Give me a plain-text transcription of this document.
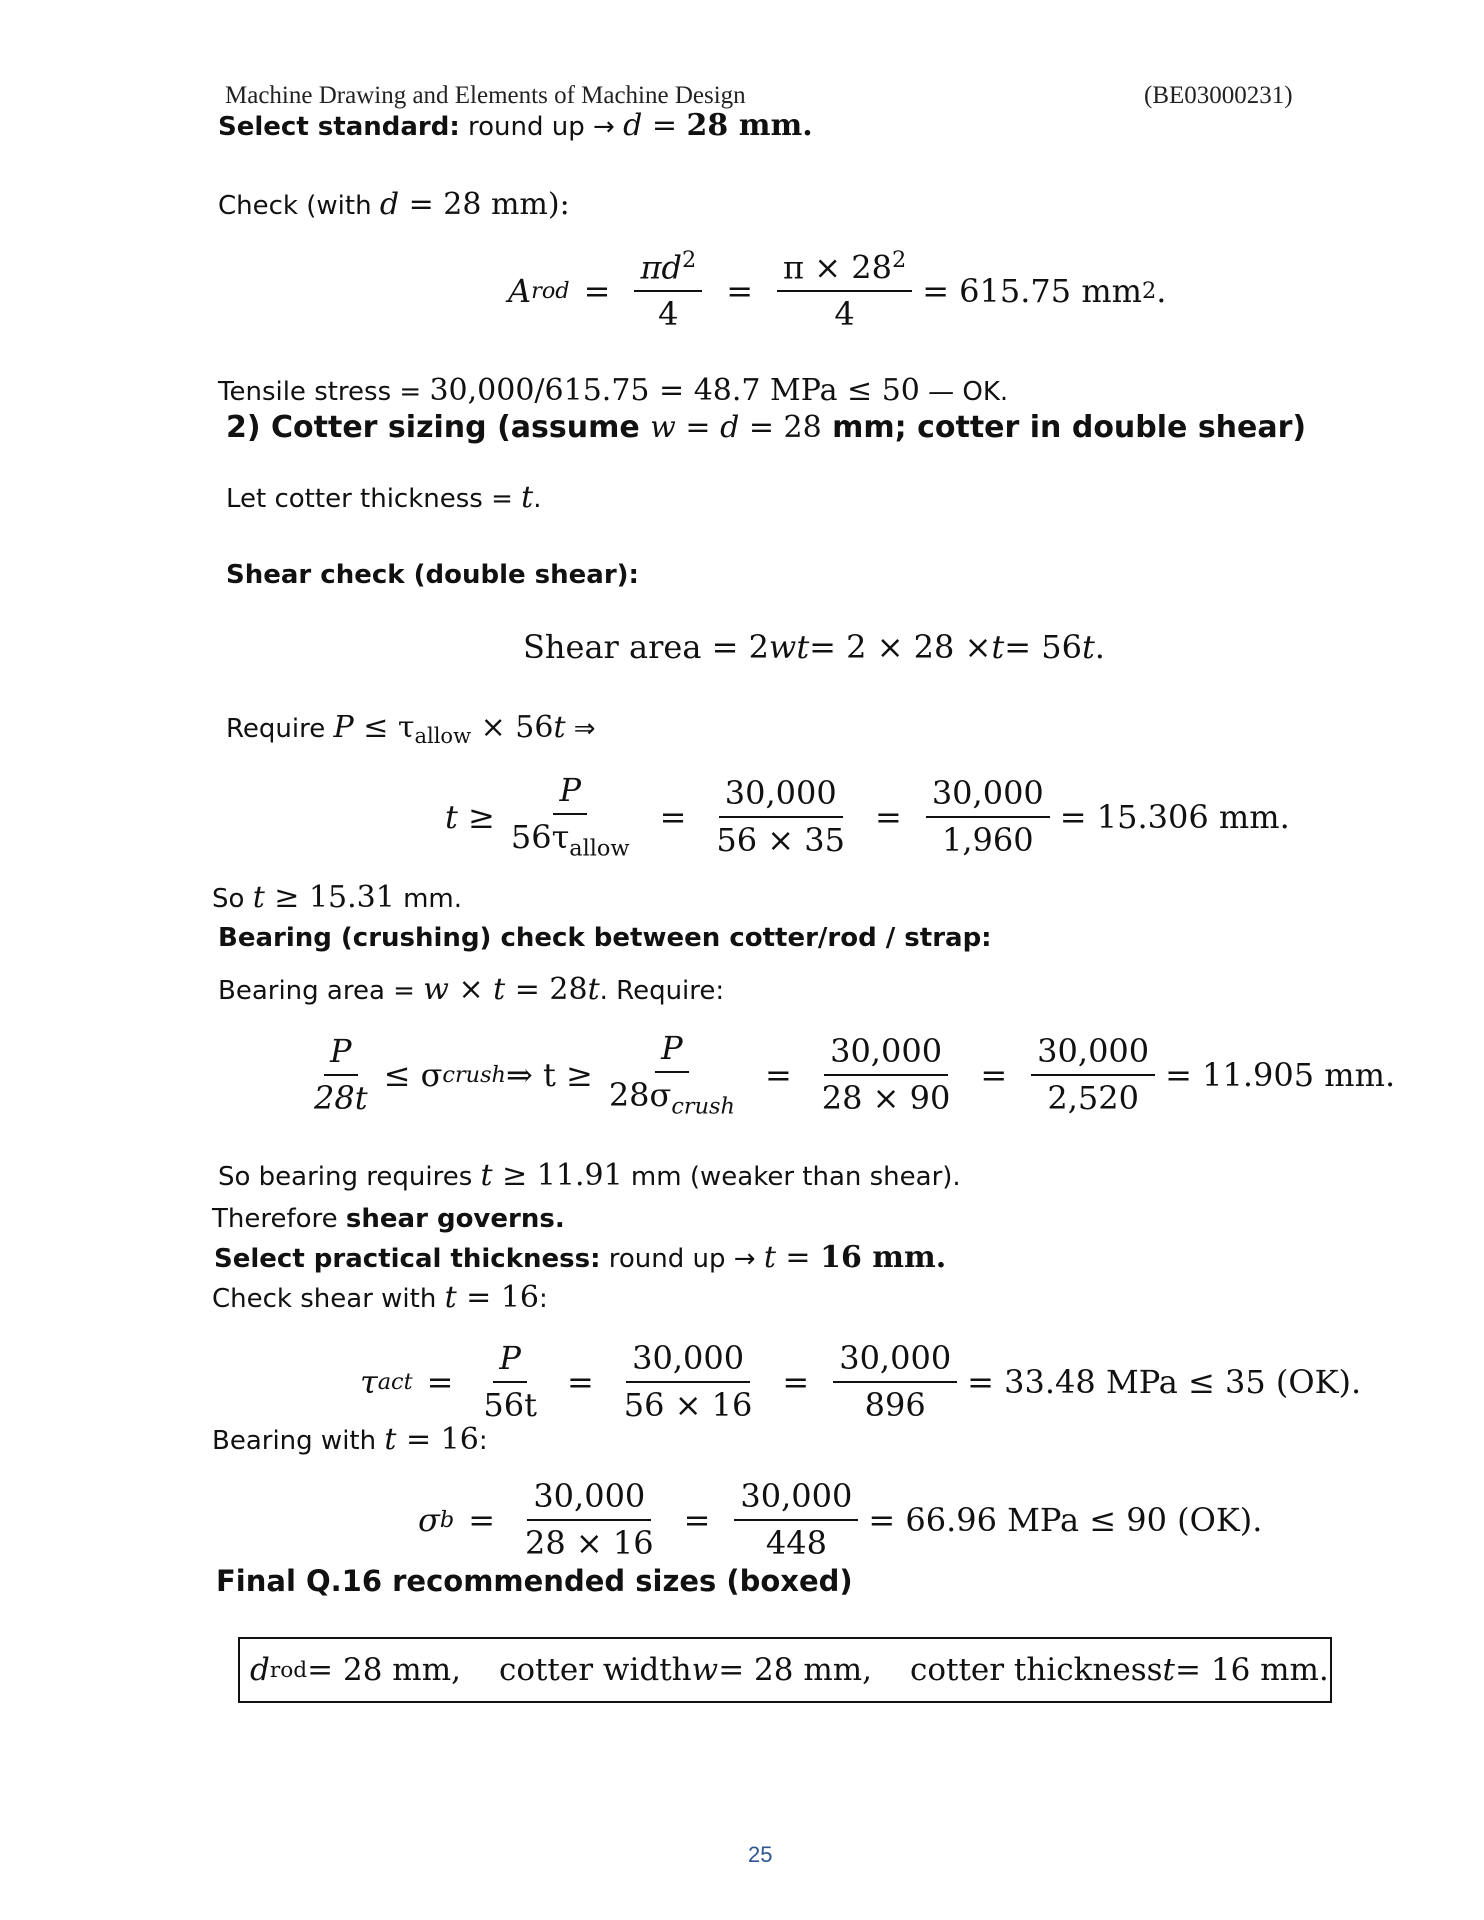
Machine Drawing and Elements of Machine Design	(BE03000231)
Select standard: round up → d = 28 mm.
Check (with d = 28 mm):
A rod = $\frac{\pi d^2}{4} = \frac{\pi \times 28^2}{4} = 615.75$ mm 2 .
Tensile stress = 30,000/615.75 = 48.7 MPa ≤ 50 — OK.
2) Cotter sizing (assume w = d = 28 mm; cotter in double shear)
Let cotter thickness = t.
Shear check (double shear):
Shear area = 2 wt = 2 × 28 × t = 56 t .
Require $P \le \tau_{allow} \times 56t$ ⇒
$t \ge \frac{P}{56\tau_{allow}} = \frac{30,000}{56 \times 35} = \frac{30,000}{1,960} = 15.306$ mm.
So t ≥ 15.31 mm.
Bearing (crushing) check between cotter/rod / strap:
Bearing area = w × t = 28t. Require:
$\frac{P}{28t} \le \sigma$ crush ⇒ $t \ge \frac{P}{28\sigma_{crush}} = \frac{30,000}{28 \times 90} = \frac{30,000}{2,520} = 11.905$ mm.
So bearing requires t ≥ 11.91 mm (weaker than shear).
Therefore shear governs.
Select practical thickness: round up → t = 16 mm.
Check shear with t = 16:
τ act = $\frac{P}{56t} = \frac{30,000}{56 \times 16} = \frac{30,000}{896} = 33.48$ MPa ≤ 35 (OK).
Bearing with t = 16:
σ $b = \frac{30,000}{28 \times 16} = \frac{30,000}{448} = 66.96$ MPa ≤ 90 (OK).
Final Q.16 recommended sizes (boxed)
d rod = 28 mm, cotter width w = 28 mm, cotter thickness t = 16 mm.
25
